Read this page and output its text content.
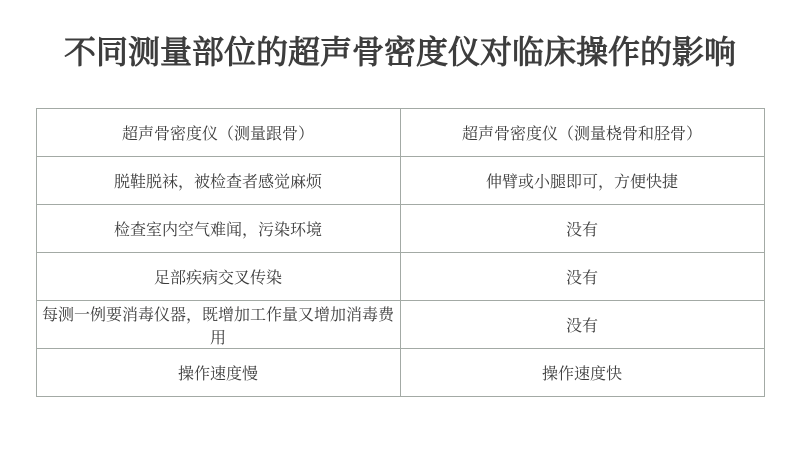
不同测量部位的超声骨密度仪对临床操作的影响
超声骨密度仪（测量跟骨）	超声骨密度仪（测量桡骨和胫骨）
脱鞋脱袜，被检查者感觉麻烦	伸臂或小腿即可，方便快捷
检查室内空气难闻，污染环境	没有
足部疾病交叉传染	没有
每测一例要消毒仪器，既增加工作量又增加消毒费用	没有
操作速度慢	操作速度快
